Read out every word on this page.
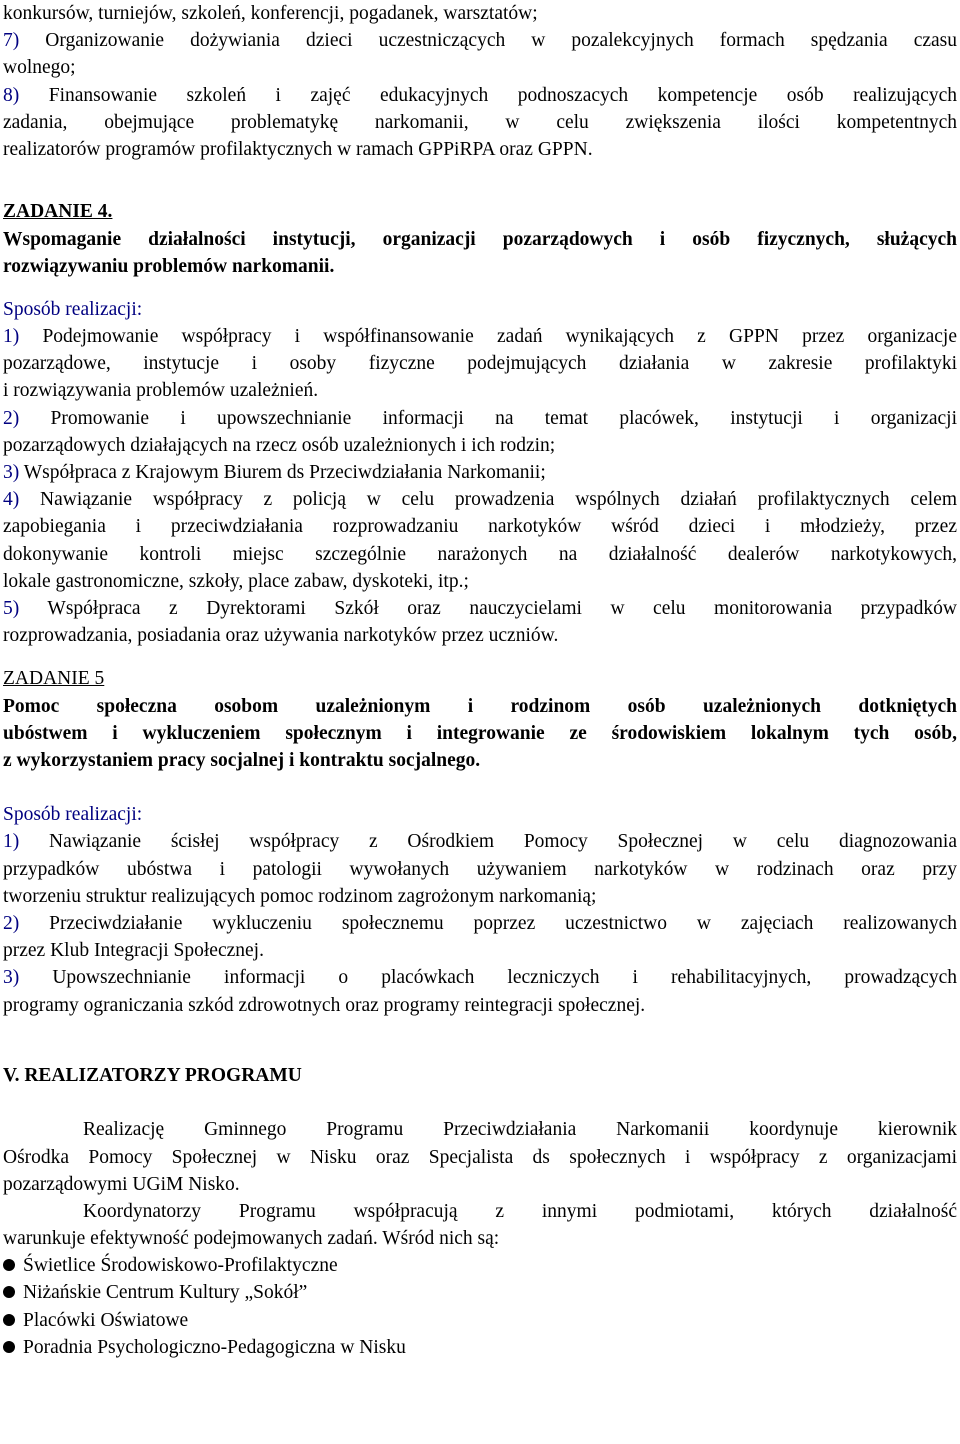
konkursów, turniejów, szkoleń, konferencji, pogadanek, warsztatów;
7) Organizowanie dożywiania dzieci uczestniczących w pozalekcyjnych formach spędzania czasu
wolnego;
8) Finansowanie szkoleń i zajęć edukacyjnych podnoszacych kompetencje osób realizujących
zadania, obejmujące problematykę narkomanii, w celu zwiększenia ilości kompetentnych
realizatorów programów profilaktycznych w ramach GPPiRPA oraz GPPN.
ZADANIE 4.
Wspomaganie działalności instytucji, organizacji pozarządowych i osób fizycznych, służących
rozwiązywaniu problemów narkomanii.
Sposób realizacji:
1) Podejmowanie współpracy i współfinansowanie zadań wynikających z GPPN przez organizacje
pozarządowe, instytucje i osoby fizyczne podejmujących działania w zakresie profilaktyki
i rozwiązywania problemów uzależnień.
2) Promowanie i upowszechnianie informacji na temat placówek, instytucji i organizacji
pozarządowych działających na rzecz osób uzależnionych i ich rodzin;
3) Współpraca z Krajowym Biurem ds Przeciwdziałania Narkomanii;
4) Nawiązanie współpracy z policją w celu prowadzenia wspólnych działań profilaktycznych celem
zapobiegania i przeciwdziałania rozprowadzaniu narkotyków wśród dzieci i młodzieży, przez
dokonywanie kontroli miejsc szczególnie narażonych na działalność dealerów narkotykowych,
lokale gastronomiczne, szkoły, place zabaw, dyskoteki, itp.;
5) Współpraca z Dyrektorami Szkół oraz nauczycielami w celu monitorowania przypadków
rozprowadzania, posiadania oraz używania narkotyków przez uczniów.
ZADANIE 5
Pomoc społeczna osobom uzależnionym i rodzinom osób uzależnionych dotkniętych
ubóstwem i wykluczeniem społecznym i integrowanie ze środowiskiem lokalnym tych osób,
z wykorzystaniem pracy socjalnej i kontraktu socjalnego.
Sposób realizacji:
1) Nawiązanie ścisłej współpracy z Ośrodkiem Pomocy Społecznej w celu diagnozowania
przypadków ubóstwa i patologii wywołanych używaniem narkotyków w rodzinach oraz przy
tworzeniu struktur realizujących pomoc rodzinom zagrożonym narkomanią;
2) Przeciwdziałanie wykluczeniu społecznemu poprzez uczestnictwo w zajęciach realizowanych
przez Klub Integracji Społecznej.
3) Upowszechnianie informacji o placówkach leczniczych i rehabilitacyjnych, prowadzących
programy ograniczania szkód zdrowotnych oraz programy reintegracji społecznej.
V. REALIZATORZY PROGRAMU
Realizację Gminnego Programu Przeciwdziałania Narkomanii koordynuje kierownik
Ośrodka Pomocy Społecznej w Nisku oraz Specjalista ds społecznych i współpracy z organizacjami
pozarządowymi UGiM Nisko.
Koordynatorzy Programu współpracują z innymi podmiotami, których działalność
warunkuje efektywność podejmowanych zadań. Wśród nich są:
Świetlice Środowiskowo-Profilaktyczne
Niżańskie Centrum Kultury „Sokół”
Placówki Oświatowe
Poradnia Psychologiczno-Pedagogiczna w Nisku
